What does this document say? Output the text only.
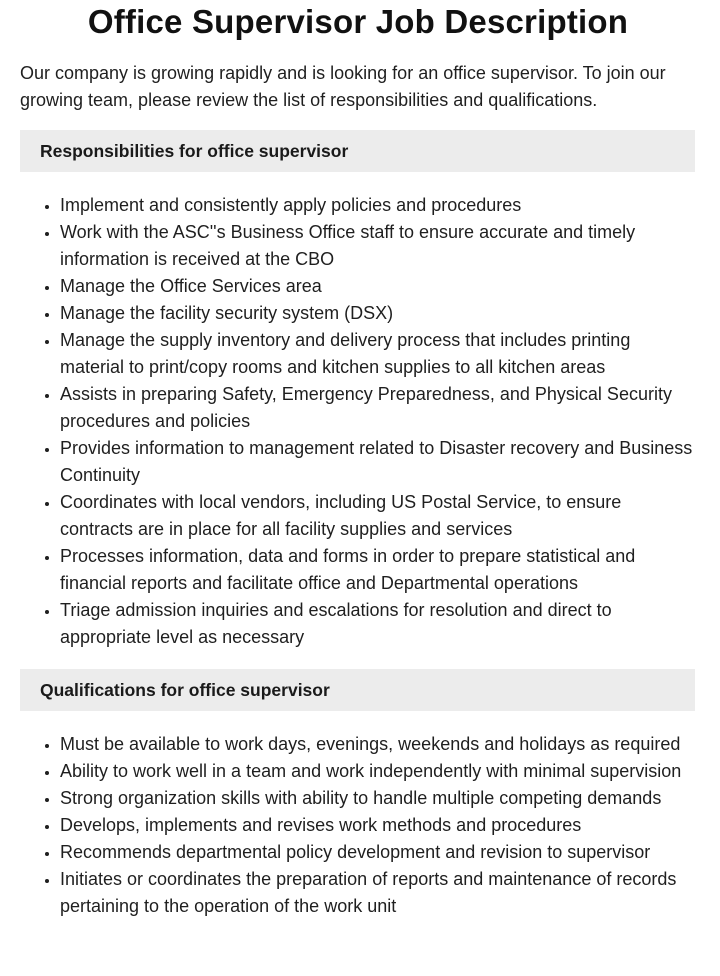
Office Supervisor Job Description

Our company is growing rapidly and is looking for an office supervisor. To join our growing team, please review the list of responsibilities and qualifications.

Responsibilities for office supervisor
• Implement and consistently apply policies and procedures
• Work with the ASC''s Business Office staff to ensure accurate and timely information is received at the CBO
• Manage the Office Services area
• Manage the facility security system (DSX)
• Manage the supply inventory and delivery process that includes printing material to print/copy rooms and kitchen supplies to all kitchen areas
• Assists in preparing Safety, Emergency Preparedness, and Physical Security procedures and policies
• Provides information to management related to Disaster recovery and Business Continuity
• Coordinates with local vendors, including US Postal Service, to ensure contracts are in place for all facility supplies and services
• Processes information, data and forms in order to prepare statistical and financial reports and facilitate office and Departmental operations
• Triage admission inquiries and escalations for resolution and direct to appropriate level as necessary
Qualifications for office supervisor
• Must be available to work days, evenings, weekends and holidays as required
• Ability to work well in a team and work independently with minimal supervision
• Strong organization skills with ability to handle multiple competing demands
• Develops, implements and revises work methods and procedures
• Recommends departmental policy development and revision to supervisor
• Initiates or coordinates the preparation of reports and maintenance of records pertaining to the operation of the work unit
